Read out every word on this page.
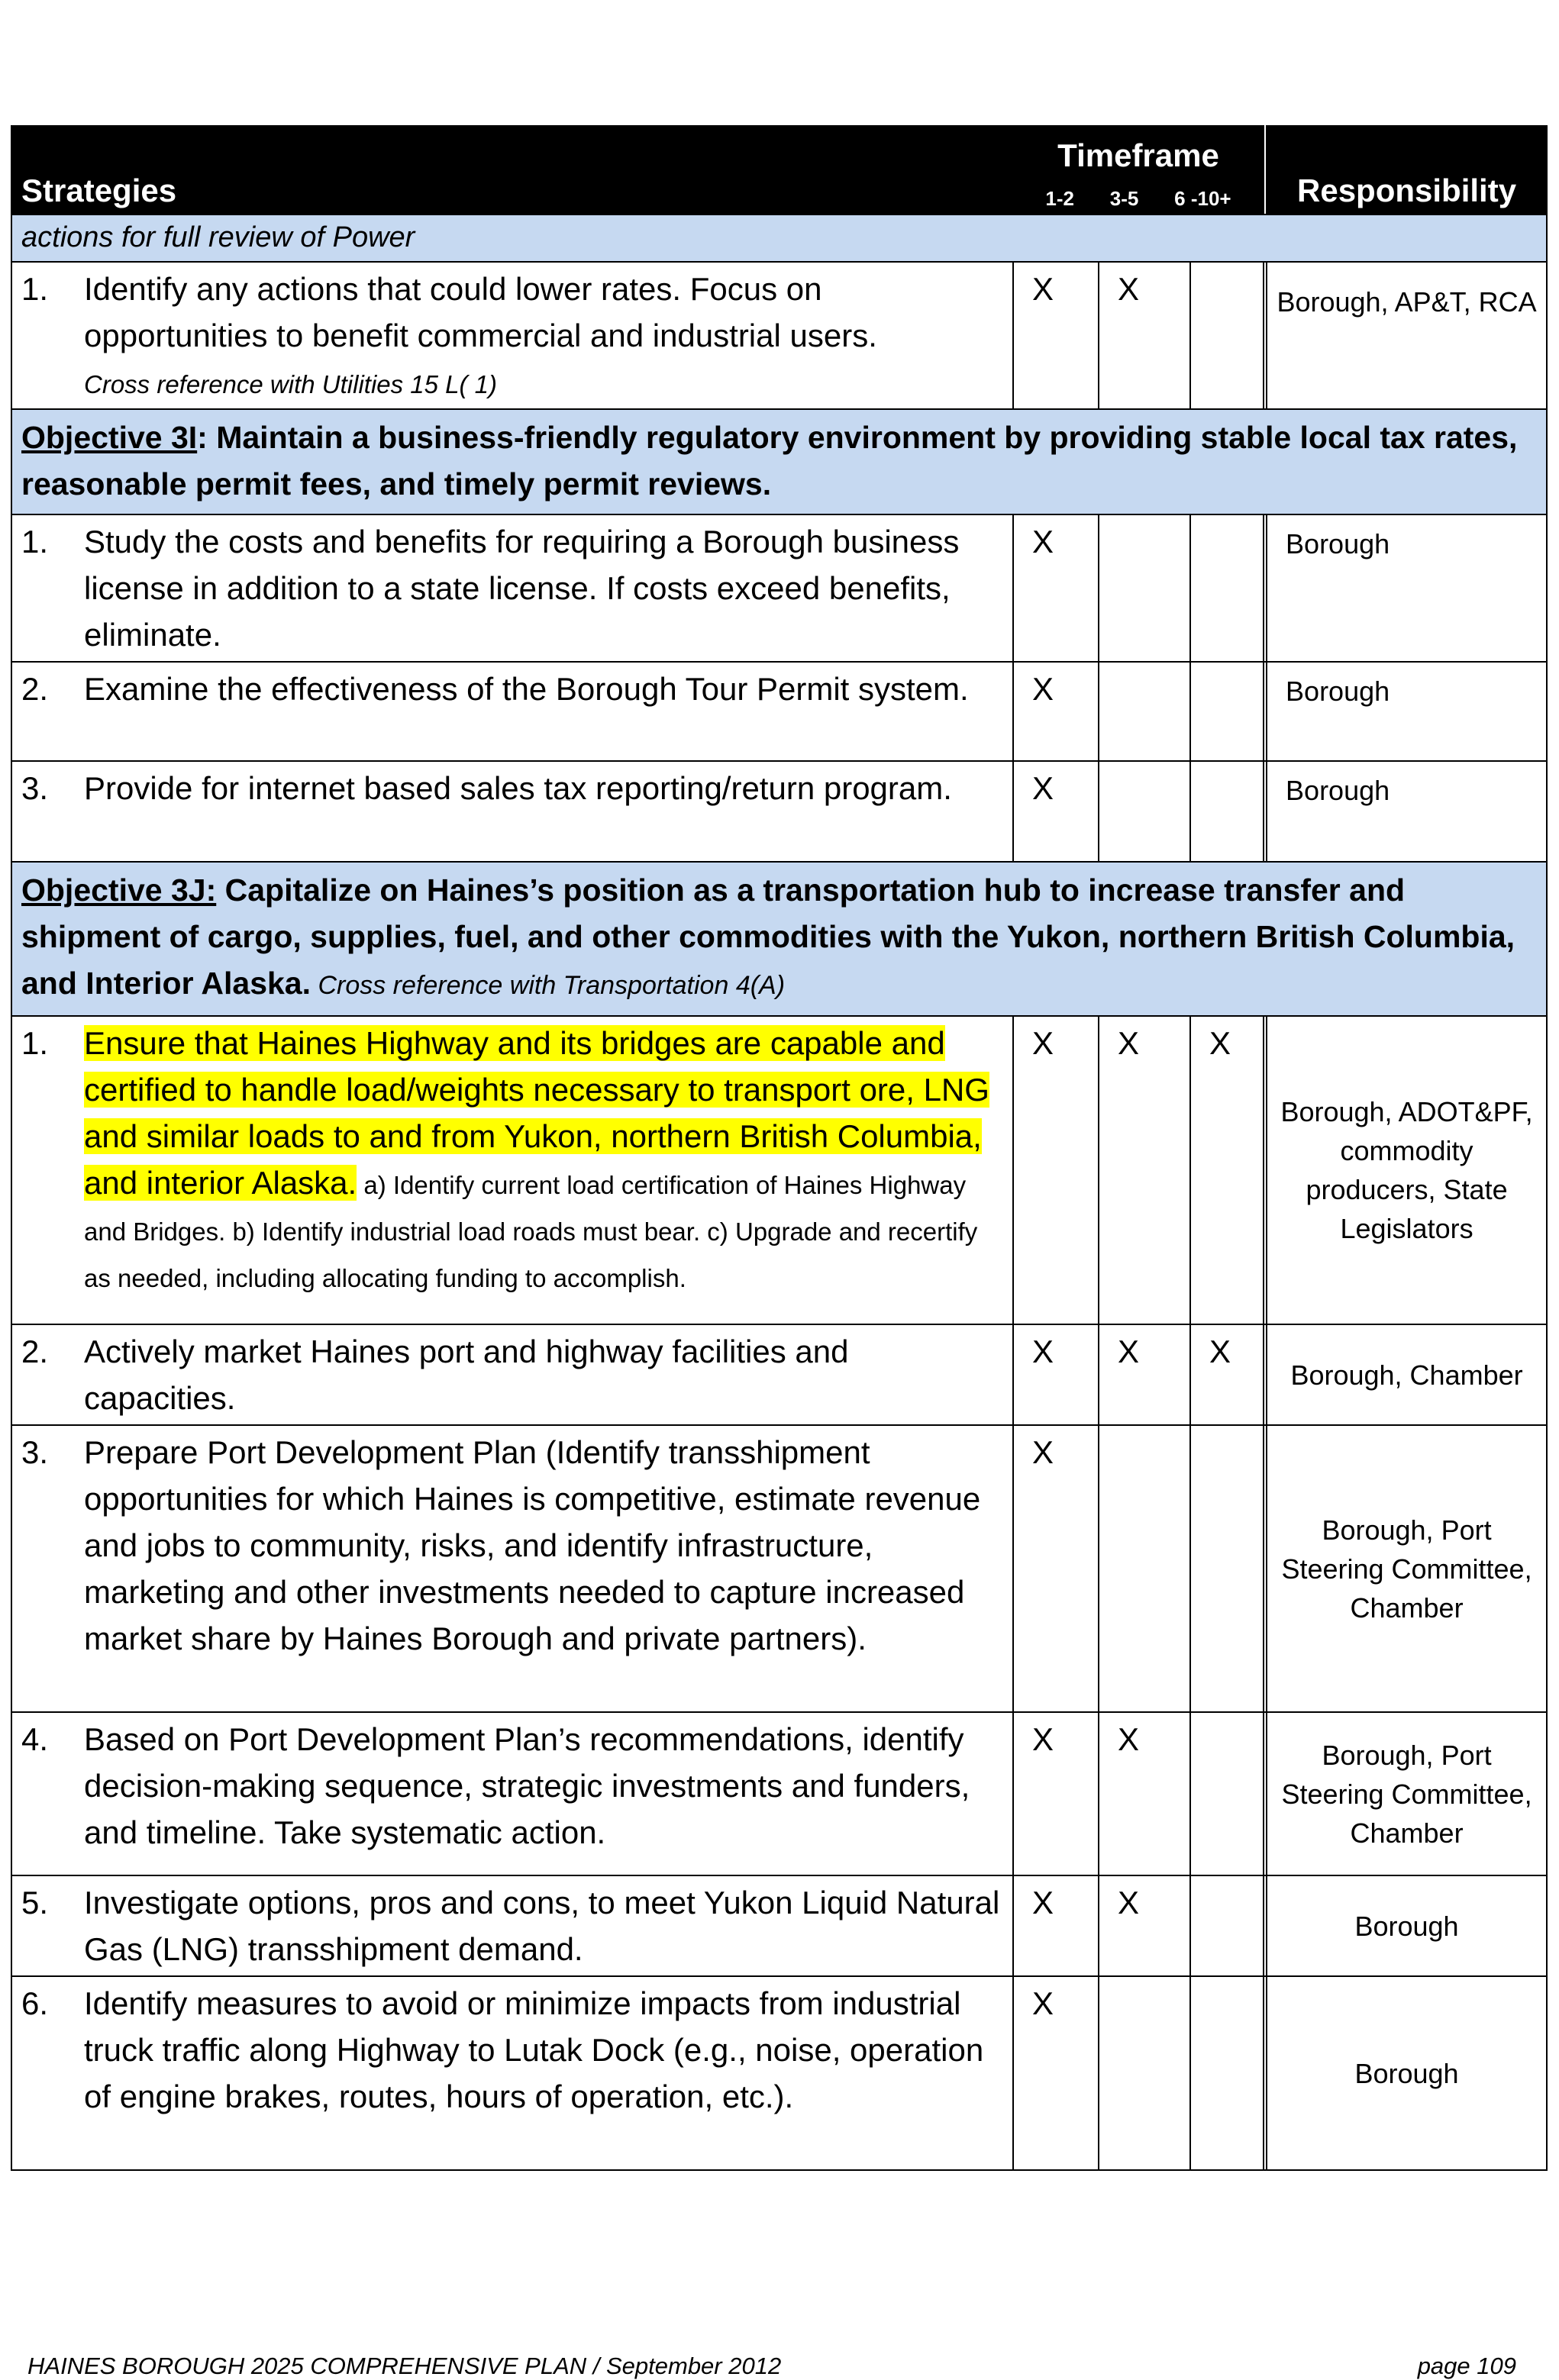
Strategies	Timeframe
1-2 3-5 6 -10+				Responsibility

actions for full review of Power					

1. Identify any actions that could lower rates. Focus on opportunities to benefit commercial and industrial users.
Cross reference with Utilities 15 L( 1)	X	X			Borough, AP&T, RCA

Objective 3I: Maintain a business-friendly regulatory environment by providing stable local tax rates, reasonable permit fees, and timely permit reviews.					

1. Study the costs and benefits for requiring a Borough business license in addition to a state license. If costs exceed benefits, eliminate.	X				Borough

2. Examine the effectiveness of the Borough Tour Permit system.	X				Borough

3. Provide for internet based sales tax reporting/return program.	X				Borough

Objective 3J: Capitalize on Haines’s position as a transportation hub to increase transfer and shipment of cargo, supplies, fuel, and other commodities with the Yukon, northern British Columbia, and Interior Alaska. Cross reference with Transportation 4(A)					

1. Ensure that Haines Highway and its bridges are capable and certified to handle load/weights necessary to transport ore, LNG and similar loads to and from Yukon, northern British Columbia, and interior Alaska. a) Identify current load certification of Haines Highway and Bridges. b) Identify industrial load roads must bear. c) Upgrade and recertify as needed, including allocating funding to accomplish.	X	X	X		Borough, ADOT&PF, commodity producers, State Legislators

2. Actively market Haines port and highway facilities and capacities.	X	X	X		Borough, Chamber

3. Prepare Port Development Plan (Identify transshipment opportunities for which Haines is competitive, estimate revenue and jobs to community, risks, and identify infrastructure, marketing and other investments needed to capture increased market share by Haines Borough and private partners).	X				Borough, Port Steering Committee, Chamber

4. Based on Port Development Plan’s recommendations, identify decision-making sequence, strategic investments and funders, and timeline. Take systematic action.	X	X			Borough, Port Steering Committee, Chamber

5. Investigate options, pros and cons, to meet Yukon Liquid Natural Gas (LNG) transshipment demand.	X	X			Borough

6. Identify measures to avoid or minimize impacts from industrial truck traffic along Highway to Lutak Dock (e.g., noise, operation of engine brakes, routes, hours of operation, etc.).	X				Borough
HAINES BOROUGH 2025 COMPREHENSIVE PLAN / September 2012	page 109
